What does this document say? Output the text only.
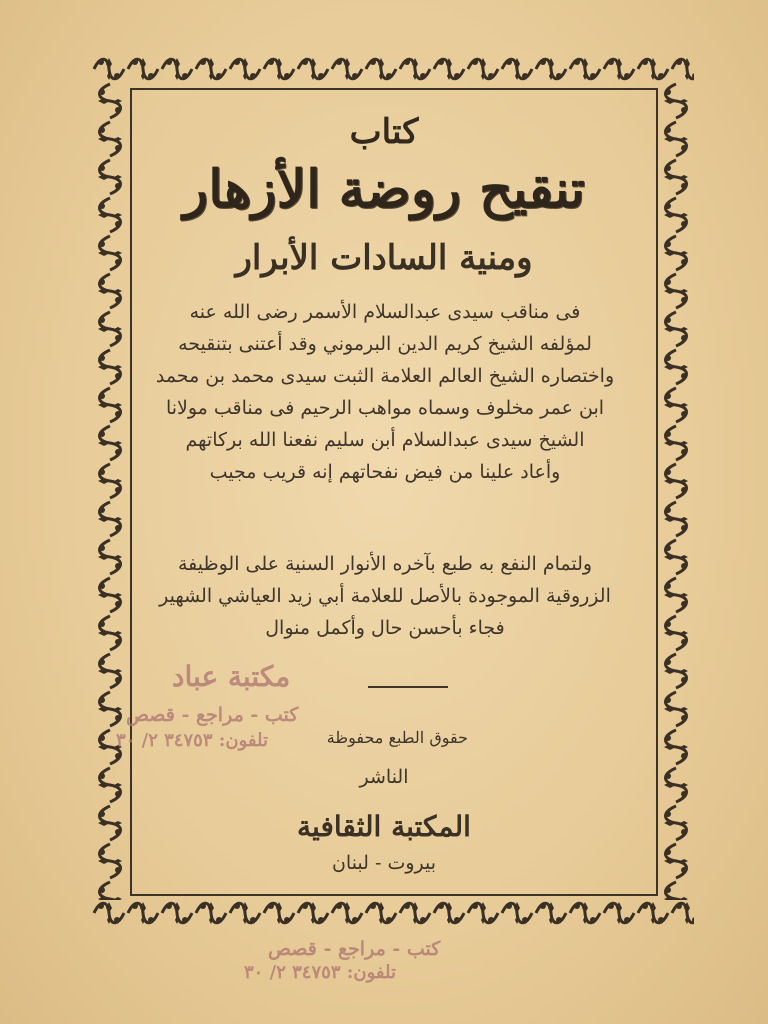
كتاب
تنقيح روضة الأزهار
ومنية السادات الأبرار

فى مناقب سيدى عبدالسلام الأسمر رضى الله عنه

لمؤلفه الشيخ كريم الدين البرموني وقد أعتنى بتنقيحه

واختصاره الشيخ العالم العلامة الثبت سيدى محمد بن محمد

ابن عمر مخلوف وسماه مواهب الرحيم فى مناقب مولانا

الشيخ سيدى عبدالسلام أبن سليم نفعنا الله بركاتهم

وأعاد علينا من فيض نفحاتهم إنه قريب مجيب

ولتمام النفع به طبع بآخره الأنوار السنية على الوظيفة

الزروقية الموجودة بالأصل للعلامة أبي زيد العياشي الشهير

فجاء بأحسن حال وأكمل منوال

مكتبة عباد
كتب - مراجع - قصص
تلفون: ٣٤٧٥٣ ٢/ ٣٠	حقوق الطبع محفوظة
الناشر
المكتبة الثقافية
بيروت - لبنان
كتب - مراجع - قصص
تلفون: ٣٤٧٥٣ ٢/ ٣٠
